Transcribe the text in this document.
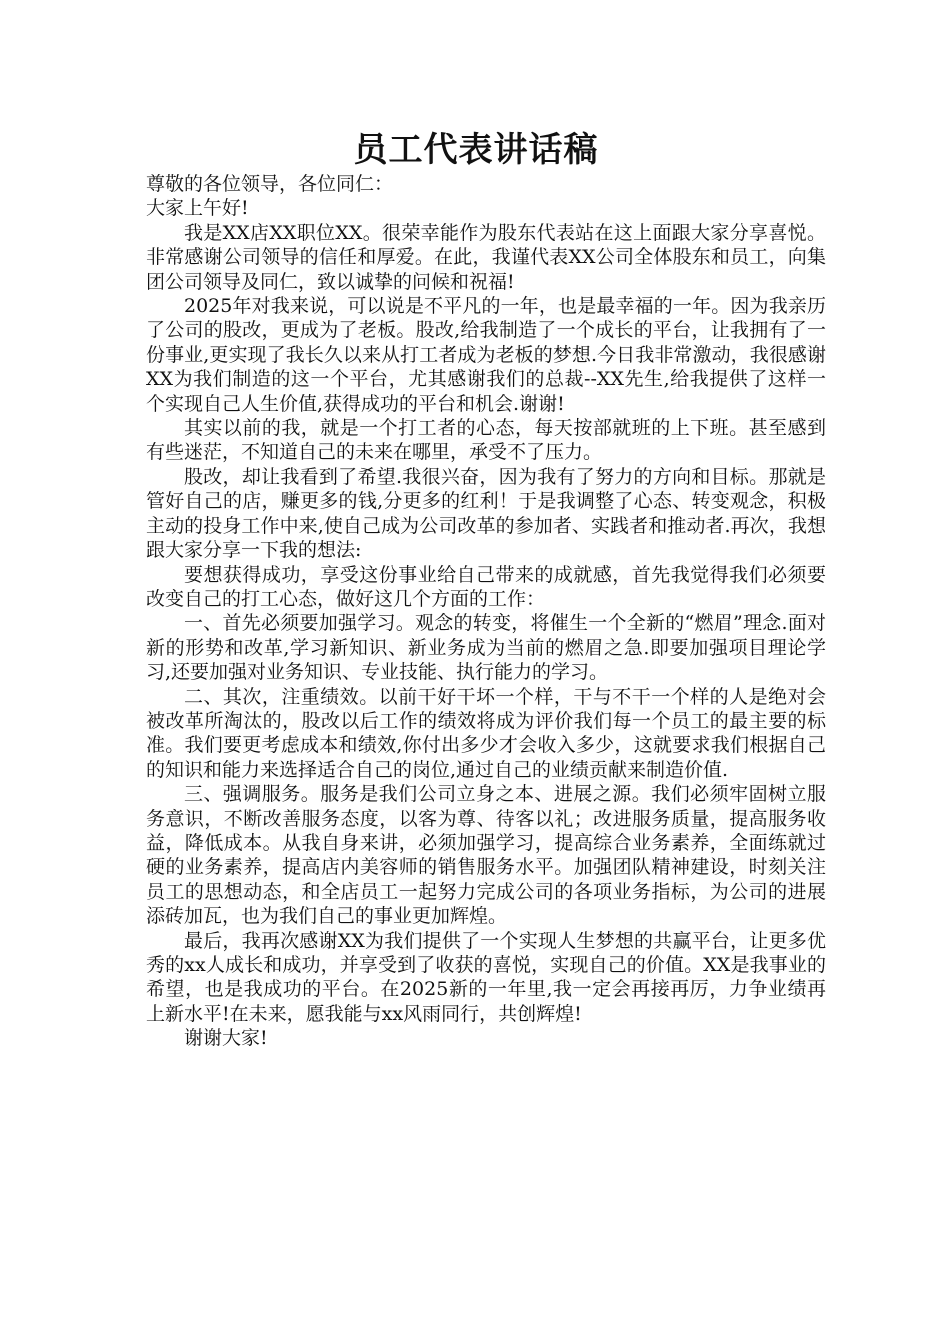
员工代表讲话稿

尊敬的各位领导，各位同仁：

大家上午好!

我是XX店XX职位XX。很荣幸能作为股东代表站在这上面跟大家分享喜悦。非常感谢公司领导的信任和厚爱。在此，我谨代表XX公司全体股东和员工，向集团公司领导及同仁，致以诚挚的问候和祝福!

2025年对我来说，可以说是不平凡的一年，也是最幸福的一年。因为我亲历了公司的股改，更成为了老板。股改,给我制造了一个成长的平台，让我拥有了一份事业,更实现了我长久以来从打工者成为老板的梦想.今日我非常激动，我很感谢XX为我们制造的这一个平台，尤其感谢我们的总裁--XX先生,给我提供了这样一个实现自己人生价值,获得成功的平台和机会.谢谢!

其实以前的我，就是一个打工者的心态，每天按部就班的上下班。甚至感到有些迷茫，不知道自己的未来在哪里，承受不了压力。

股改，却让我看到了希望.我很兴奋，因为我有了努力的方向和目标。那就是管好自己的店，赚更多的钱,分更多的红利！于是我调整了心态、转变观念，积极主动的投身工作中来,使自己成为公司改革的参加者、实践者和推动者.再次，我想跟大家分享一下我的想法:

要想获得成功，享受这份事业给自己带来的成就感，首先我觉得我们必须要改变自己的打工心态，做好这几个方面的工作：

一、首先必须要加强学习。观念的转变，将催生一个全新的“燃眉”理念.面对新的形势和改革,学习新知识、新业务成为当前的燃眉之急.即要加强项目理论学习,还要加强对业务知识、专业技能、执行能力的学习。

二、其次，注重绩效。以前干好干坏一个样，干与不干一个样的人是绝对会被改革所淘汰的，股改以后工作的绩效将成为评价我们每一个员工的最主要的标准。我们要更考虑成本和绩效,你付出多少才会收入多少，这就要求我们根据自己的知识和能力来选择适合自己的岗位,通过自己的业绩贡献来制造价值.

三、强调服务。服务是我们公司立身之本、进展之源。我们必须牢固树立服务意识，不断改善服务态度，以客为尊、待客以礼；改进服务质量，提高服务收益，降低成本。从我自身来讲，必须加强学习，提高综合业务素养，全面练就过硬的业务素养，提高店内美容师的销售服务水平。加强团队精神建设，时刻关注员工的思想动态，和全店员工一起努力完成公司的各项业务指标，为公司的进展添砖加瓦，也为我们自己的事业更加辉煌。

最后，我再次感谢XX为我们提供了一个实现人生梦想的共赢平台，让更多优秀的xx人成长和成功，并享受到了收获的喜悦，实现自己的价值。XX是我事业的希望，也是我成功的平台。在2025新的一年里,我一定会再接再厉，力争业绩再上新水平!在未来，愿我能与xx风雨同行，共创辉煌!

谢谢大家!
